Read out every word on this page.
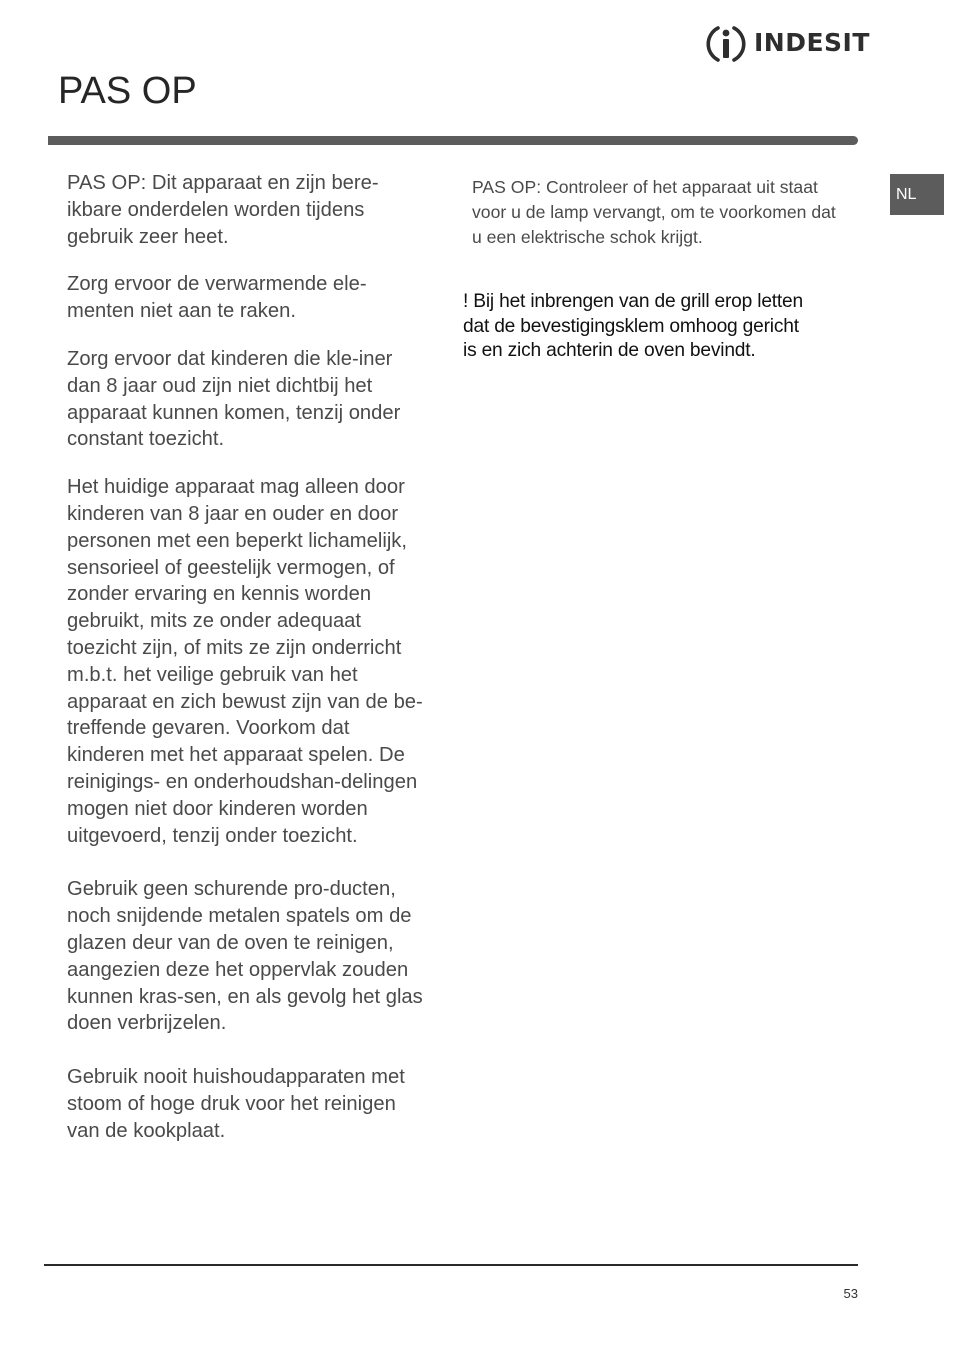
INDESIT
PAS OP
NL

PAS OP: Dit apparaat en zijn bere-ikbare onderdelen worden tijdens gebruik zeer heet.

Zorg ervoor de verwarmende ele-menten niet aan te raken.

Zorg ervoor dat kinderen die kle-iner dan 8 jaar oud zijn niet dichtbij het apparaat kunnen komen, tenzij onder constant toezicht.

Het huidige apparaat mag alleen door kinderen van 8 jaar en ouder en door personen met een beperkt lichamelijk, sensorieel of geestelijk vermogen, of zonder ervaring en kennis worden gebruikt, mits ze onder adequaat toezicht zijn, of mits ze zijn onderricht m.b.t. het veilige gebruik van het apparaat en zich bewust zijn van de be-treffende gevaren. Voorkom dat kinderen met het apparaat spelen. De reinigings- en onderhoudshan-delingen mogen niet door kinderen worden uitgevoerd, tenzij onder toezicht.

Gebruik geen schurende pro-ducten, noch snijdende metalen spatels om de glazen deur van de oven te reinigen, aangezien deze het oppervlak zouden kunnen kras-sen, en als gevolg het glas doen verbrijzelen.

Gebruik nooit huishoudapparaten met stoom of hoge druk voor het reinigen van de kookplaat.

PAS OP: Controleer of het apparaat uit staat voor u de lamp vervangt, om te voorkomen dat u een elektrische schok krijgt.

! Bij het inbrengen van de grill erop letten dat de bevestigingsklem omhoog gericht is en zich achterin de oven bevindt.

53
